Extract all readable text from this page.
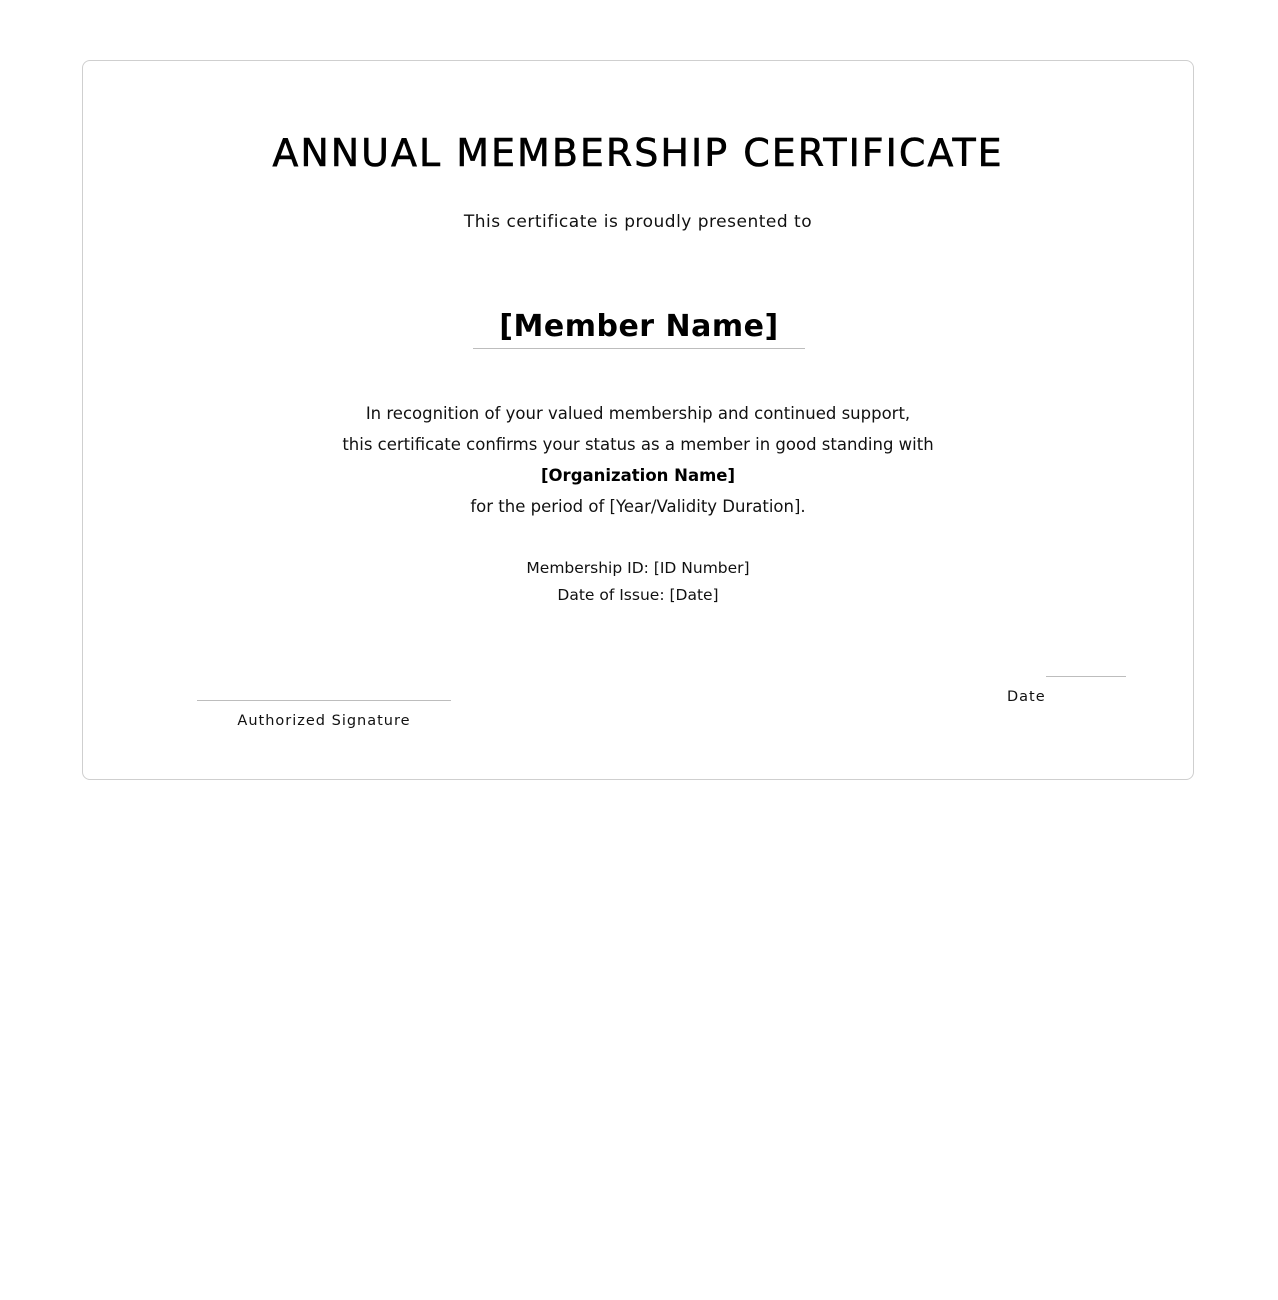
ANNUAL MEMBERSHIP CERTIFICATE
This certificate is proudly presented to
[Member Name]
In recognition of your valued membership and continued support,
this certificate confirms your status as a member in good standing with
[Organization Name]
for the period of [Year/Validity Duration].
Membership ID: [ID Number]
Date of Issue: [Date]
Authorized Signature
Date
